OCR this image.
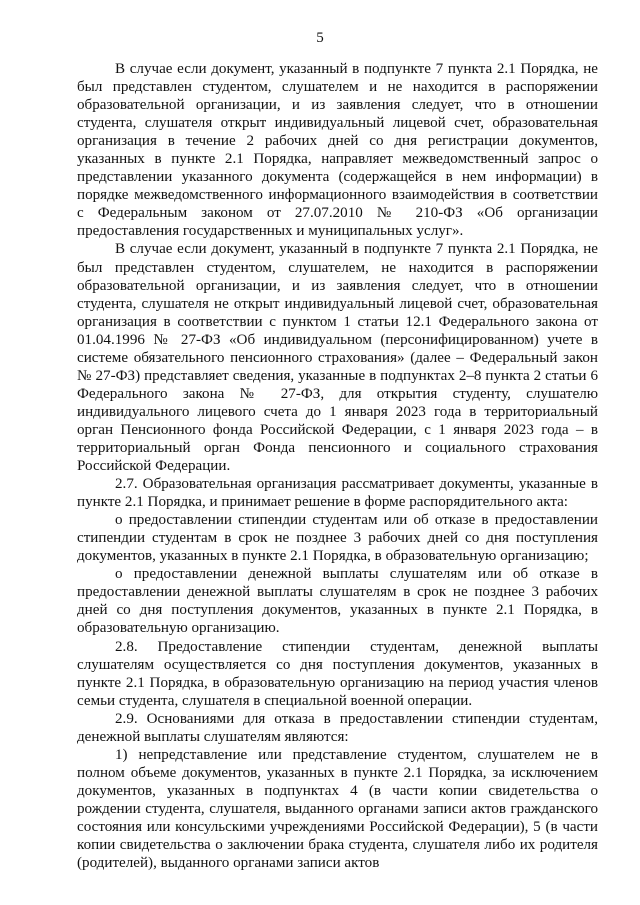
5

В случае если документ, указанный в подпункте 7 пункта 2.1 Порядка, не был представлен студентом, слушателем и не находится в распоряжении образовательной организации, и из заявления следует, что в отношении студента, слушателя открыт индивидуальный лицевой счет, образовательная организация в течение 2 рабочих дней со дня регистрации документов, указанных в пункте 2.1 Порядка, направляет межведомственный запрос о представлении указанного документа (содержащейся в нем информации) в порядке межведомственного информационного взаимодействия в соответствии с Федеральным законом от 27.07.2010 № 210-ФЗ «Об организации предоставления государственных и муниципальных услуг».

В случае если документ, указанный в подпункте 7 пункта 2.1 Порядка, не был представлен студентом, слушателем, не находится в распоряжении образовательной организации, и из заявления следует, что в отношении студента, слушателя не открыт индивидуальный лицевой счет, образовательная организация в соответствии с пунктом 1 статьи 12.1 Федерального закона от 01.04.1996 № 27-ФЗ «Об индивидуальном (персонифицированном) учете в системе обязательного пенсионного страхования» (далее – Федеральный закон № 27-ФЗ) представляет сведения, указанные в подпунктах 2–8 пункта 2 статьи 6 Федерального закона № 27-ФЗ, для открытия студенту, слушателю индивидуального лицевого счета до 1 января 2023 года в территориальный орган Пенсионного фонда Российской Федерации, с 1 января 2023 года – в территориальный орган Фонда пенсионного и социального страхования Российской Федерации.

2.7. Образовательная организация рассматривает документы, указанные в пункте 2.1 Порядка, и принимает решение в форме распорядительного акта:

о предоставлении стипендии студентам или об отказе в предоставлении стипендии студентам в срок не позднее 3 рабочих дней со дня поступления документов, указанных в пункте 2.1 Порядка, в образовательную организацию;

о предоставлении денежной выплаты слушателям или об отказе в предоставлении денежной выплаты слушателям в срок не позднее 3 рабочих дней со дня поступления документов, указанных в пункте 2.1 Порядка, в образовательную организацию.

2.8. Предоставление стипендии студентам, денежной выплаты слушателям осуществляется со дня поступления документов, указанных в пункте 2.1 Порядка, в образовательную организацию на период участия членов семьи студента, слушателя в специальной военной операции.

2.9. Основаниями для отказа в предоставлении стипендии студентам, денежной выплаты слушателям являются:

1) непредставление или представление студентом, слушателем не в полном объеме документов, указанных в пункте 2.1 Порядка, за исключением документов, указанных в подпунктах 4 (в части копии свидетельства о рождении студента, слушателя, выданного органами записи актов гражданского состояния или консульскими учреждениями Российской Федерации), 5 (в части копии свидетельства о заключении брака студента, слушателя либо их родителя (родителей), выданного органами записи актов
